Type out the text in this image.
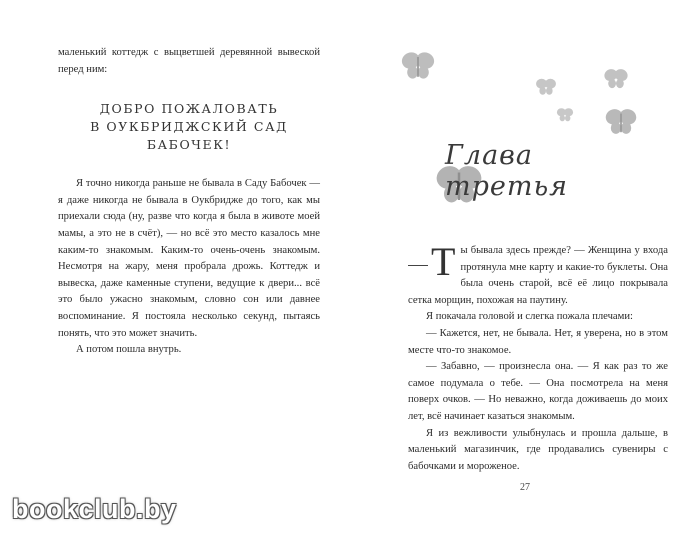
маленький коттедж с выцветшей деревянной вывеской перед ним:

ДОБРО ПОЖАЛОВАТЬ
В ОУКБРИДЖСКИЙ САД БАБОЧЕК!

Я точно никогда раньше не бывала в Саду Бабочек — я даже никогда не бывала в Оукбридже до того, как мы приехали сюда (ну, разве что когда я была в животе моей мамы, а это не в счёт), — но всё это место казалось мне каким-то знакомым. Каким-то очень-очень знакомым. Несмотря на жару, меня пробрала дрожь. Коттедж и вывеска, даже каменные ступени, ведущие к двери... всё это было ужасно знакомым, словно сон или давнее воспоминание. Я постояла несколько секунд, пытаясь понять, что это может значить.

А потом пошла внутрь.

Глава третья

Ты бывала здесь прежде? — Женщина у входа протянула мне карту и какие-то буклеты. Она была очень старой, всё её лицо покрывала сетка морщин, похожая на паутину.

Я покачала головой и слегка пожала плечами:

— Кажется, нет, не бывала. Нет, я уверена, но в этом месте что-то знакомое.

— Забавно, — произнесла она. — Я как раз то же самое подумала о тебе. — Она посмотрела на меня поверх очков. — Но неважно, когда доживаешь до моих лет, всё начинает казаться знакомым.

Я из вежливости улыбнулась и прошла дальше, в маленький магазинчик, где продавались сувениры с бабочками и мороженое.

27
bookclub.by
